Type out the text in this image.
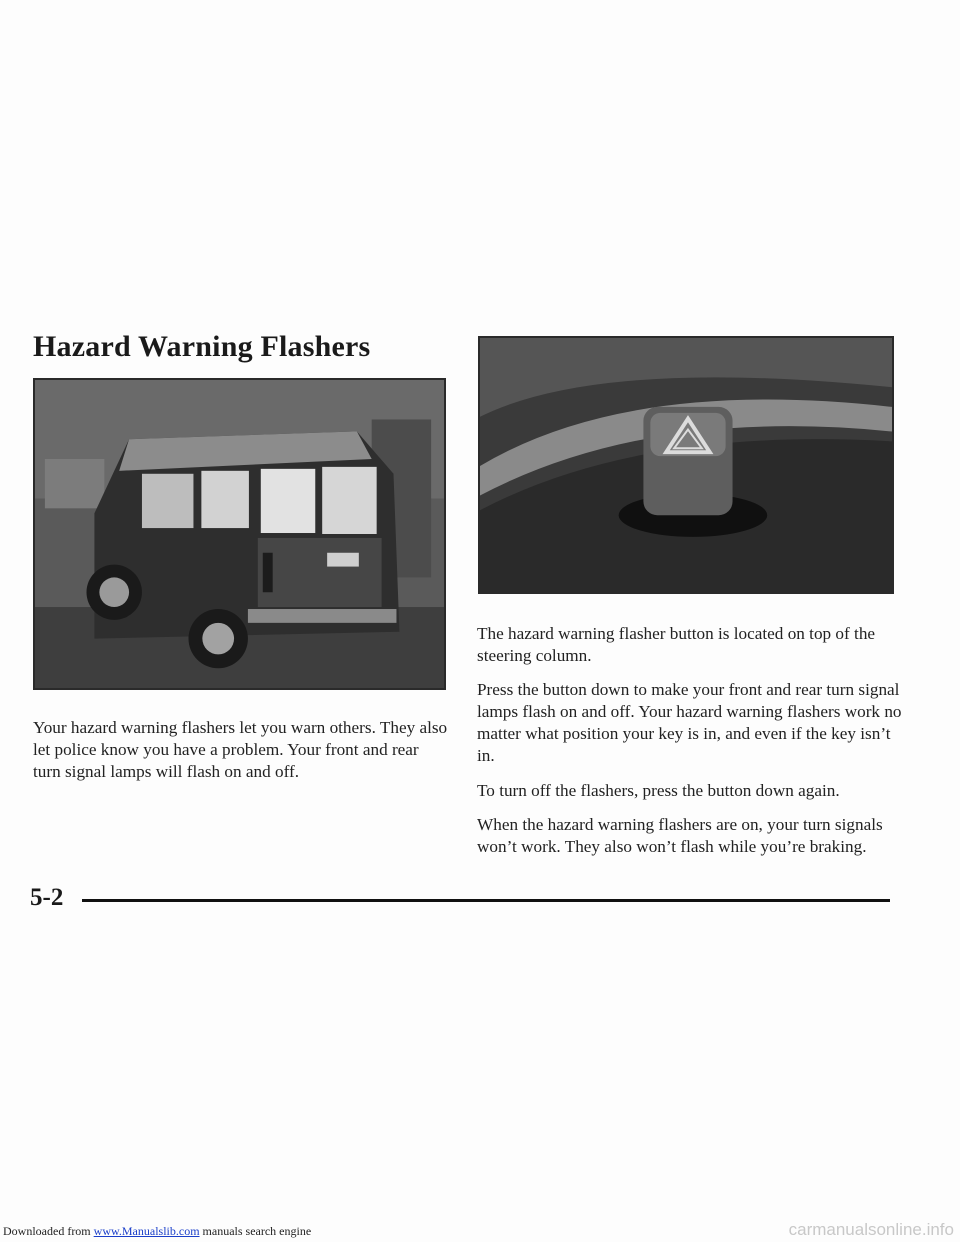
Hazard Warning Flashers

Your hazard warning flashers let you warn others. They also let police know you have a problem. Your front and rear turn signal lamps will flash on and off.

The hazard warning flasher button is located on top of the steering column.

Press the button down to make your front and rear turn signal lamps flash on and off. Your hazard warning flashers work no matter what position your key is in, and even if the key isn’t in.

To turn off the flashers, press the button down again.

When the hazard warning flashers are on, your turn signals won’t work. They also won’t flash while you’re braking.

5-2
Downloaded from www.Manualslib.com manuals search engine	carmanualsonline.info
